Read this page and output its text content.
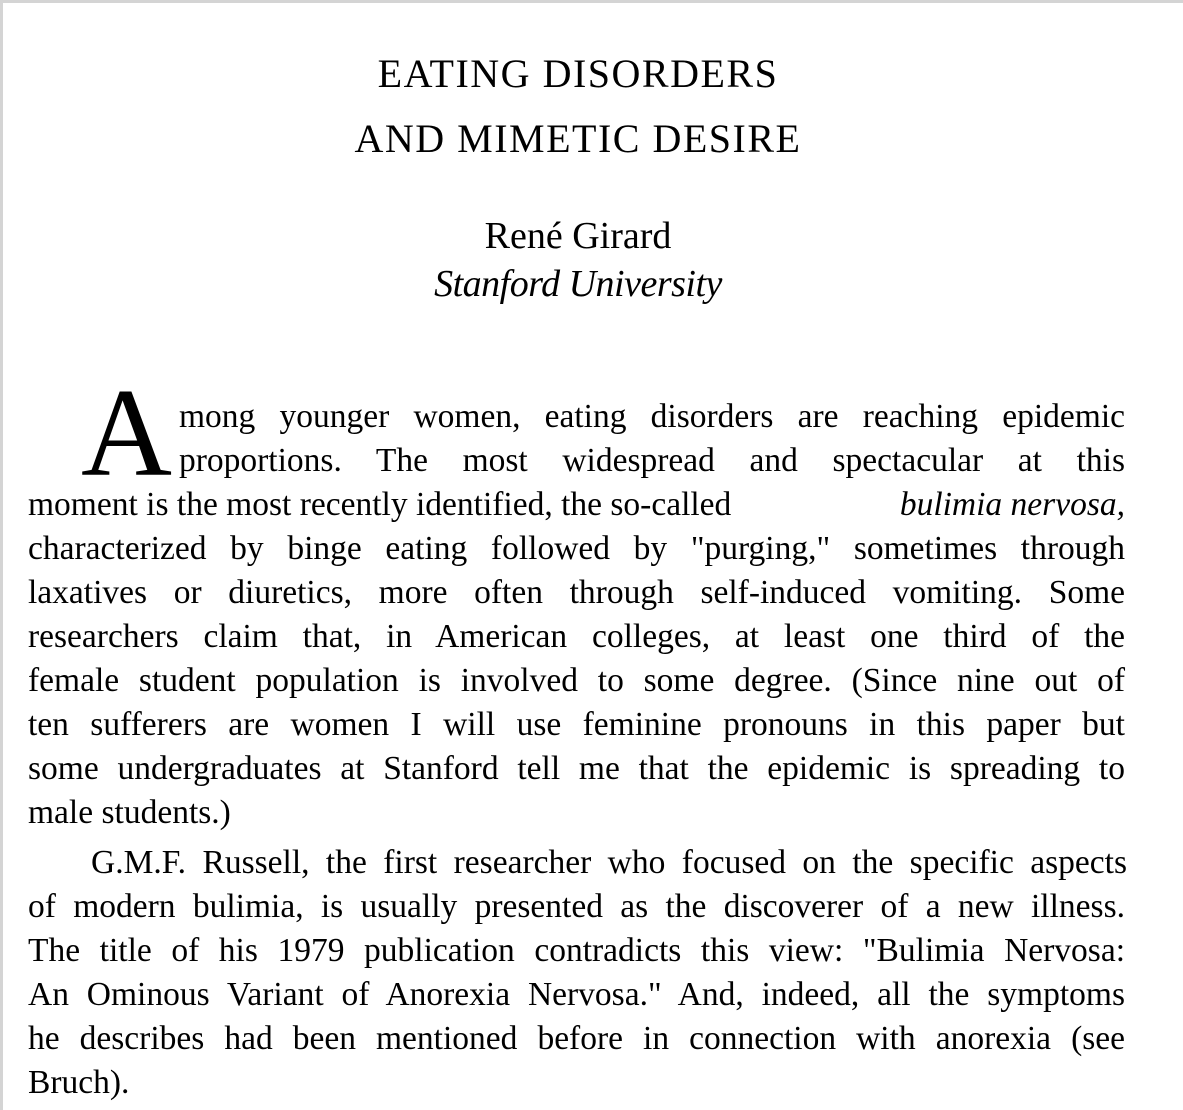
EATING DISORDERS
AND MIMETIC DESIRE
René Girard
Stanford University
A mong younger women, eating disorders are reaching epidemic
proportions. The most widespread and spectacular at this
moment is the most recently identified, the so-called	bulimia nervosa,
characterized by binge eating followed by "purging," sometimes through
laxatives or diuretics, more often through self-induced vomiting. Some
researchers claim that, in American colleges, at least one third of the
female student population is involved to some degree. (Since nine out of
ten sufferers are women I will use feminine pronouns in this paper but
some undergraduates at Stanford tell me that the epidemic is spreading to
male students.)
G.M.F. Russell, the first researcher who focused on the specific aspects
of modern bulimia, is usually presented as the discoverer of a new illness.
The title of his 1979 publication contradicts this view: "Bulimia Nervosa:
An Ominous Variant of Anorexia Nervosa." And, indeed, all the symptoms
he describes had been mentioned before in connection with anorexia (see
Bruch).
